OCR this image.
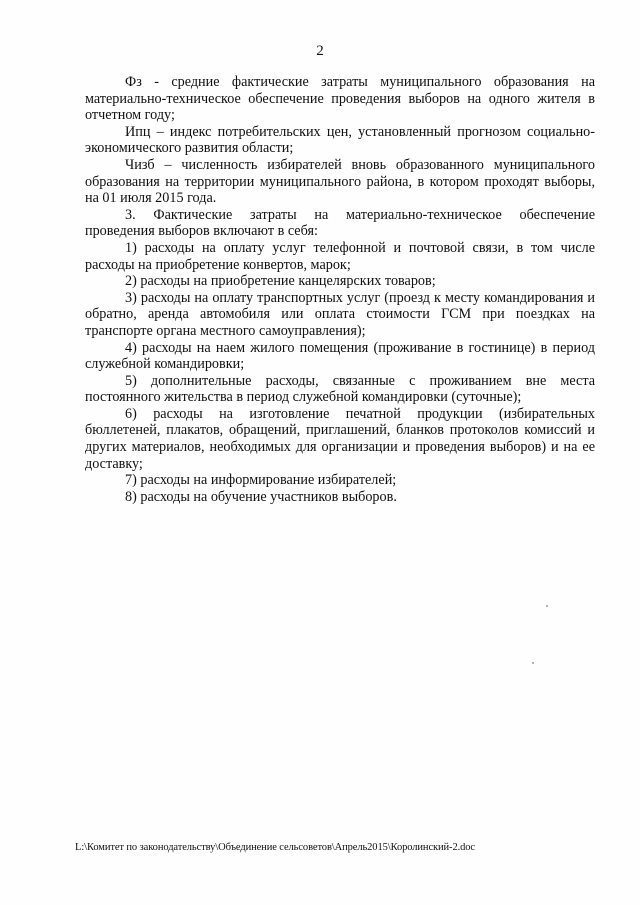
2

Фз - средние фактические затраты муниципального образования на материально-техническое обеспечение проведения выборов на одного жителя в отчетном году;

Ипц – индекс потребительских цен, установленный прогнозом социально-экономического развития области;

Чизб – численность избирателей вновь образованного муниципального образования на территории муниципального района, в котором проходят выборы, на 01 июля 2015 года.

3. Фактические затраты на материально-техническое обеспечение проведения выборов включают в себя:

1) расходы на оплату услуг телефонной и почтовой связи, в том числе расходы на приобретение конвертов, марок;

2) расходы на приобретение канцелярских товаров;

3) расходы на оплату транспортных услуг (проезд к месту командирования и обратно, аренда автомобиля или оплата стоимости ГСМ при поездках на транспорте органа местного самоуправления);

4) расходы на наем жилого помещения (проживание в гостинице) в период служебной командировки;

5) дополнительные расходы, связанные с проживанием вне места постоянного жительства в период служебной командировки (суточные);

6) расходы на изготовление печатной продукции (избирательных бюллетеней, плакатов, обращений, приглашений, бланков протоколов комиссий и других материалов, необходимых для организации и проведения выборов) и на ее доставку;

7) расходы на информирование избирателей;

8) расходы на обучение участников выборов.

L:\Комитет по законодательству\Объединение сельсоветов\Апрель2015\Королинский-2.doc
